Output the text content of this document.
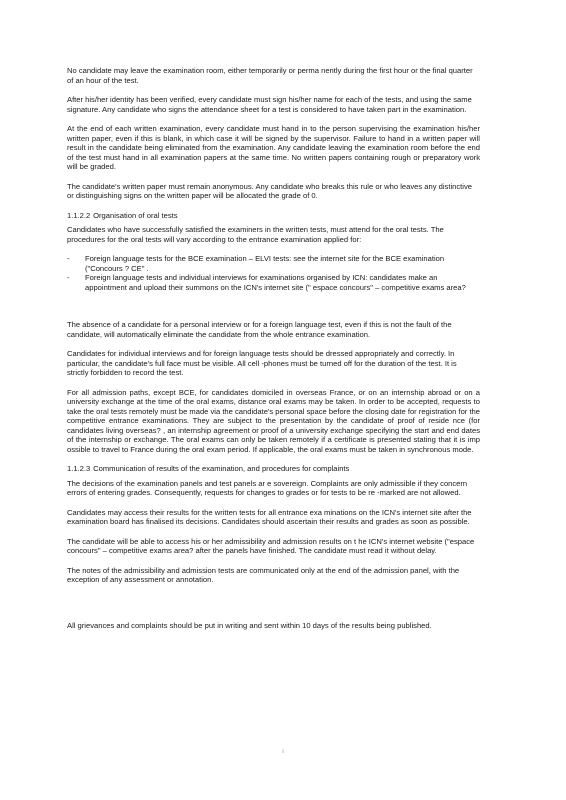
No candidate may leave the examination room, either temporarily or perma nently during the first hour or the final quarter of an hour of the test.

After his/her identity has been verified, every candidate must sign his/her name for each of the tests, and using the same signature. Any candidate who signs the attendance sheet for a test is considered to have taken part in the examination.

At the end of each written examination, every candidate must hand in to the person supervising the examination his/her written paper, even if this is blank, in which case it will be signed by the supervisor. Failure to hand in a written paper will result in the candidate being eliminated from the examination. Any candidate leaving the examination room before the end of the test must hand in all examination papers at the same time. No written papers containing rough or preparatory work will be graded.

The candidate's written paper must remain anonymous. Any candidate who breaks this rule or who leaves any distinctive or distinguishing signs on the written paper will be allocated the grade of 0.

1.1.2.2 Organisation of oral tests

Candidates who have successfully satisfied the examiners in the written tests, must attend for the oral tests. The procedures for the oral tests will vary according to the entrance examination applied for:

- Foreign language tests for the BCE examination – ELVI tests: see the internet site for the BCE examination ("Concours ? CE" .
- Foreign language tests and individual interviews for examinations organised by ICN: candidates make an appointment and upload their summons on the ICN's internet site (" espace concours" – competitive exams area?

The absence of a candidate for a personal interview or for a foreign language test, even if this is not the fault of the candidate, will automatically eliminate the candidate from the whole entrance examination.

Candidates for individual interviews and for foreign language tests should be dressed appropriately and correctly. In particular, the candidate's full face must be visible. All cell -phones must be turned off for the duration of the test. It is strictly forbidden to record the test.

For all admission paths, except BCE, for candidates domiciled in overseas France, or on an internship abroad or on a university exchange at the time of the oral exams, distance oral exams may be taken. In order to be accepted, requests to take the oral tests remotely must be made via the candidate's personal space before the closing date for registration for the competitive entrance examinations. They are subject to the presentation by the candidate of proof of reside nce (for candidates living overseas? , an internship agreement or proof of a university exchange specifying the start and end dates of the internship or exchange. The oral exams can only be taken remotely if a certificate is presented stating that it is imp ossible to travel to France during the oral exam period. If applicable, the oral exams must be taken in synchronous mode.

1.1.2.3 Communication of results of the examination, and procedures for complaints

The decisions of the examination panels and test panels ar e sovereign. Complaints are only admissible if they concern errors of entering grades. Consequently, requests for changes to grades or for tests to be re -marked are not allowed.

Candidates may access their results for the written tests for all entrance exa minations on the ICN's internet site after the examination board has finalised its decisions. Candidates should ascertain their results and grades as soon as possible.

The candidate will be able to access his or her admissibility and admission results on t he ICN's internet website ("espace concours" – competitive exams area? after the panels have finished. The candidate must read it without delay.

The notes of the admissibility and admission tests are communicated only at the end of the admission panel, with the exception of any assessment or annotation.

All grievances and complaints should be put in writing and sent within 10 days of the results being published.

i
